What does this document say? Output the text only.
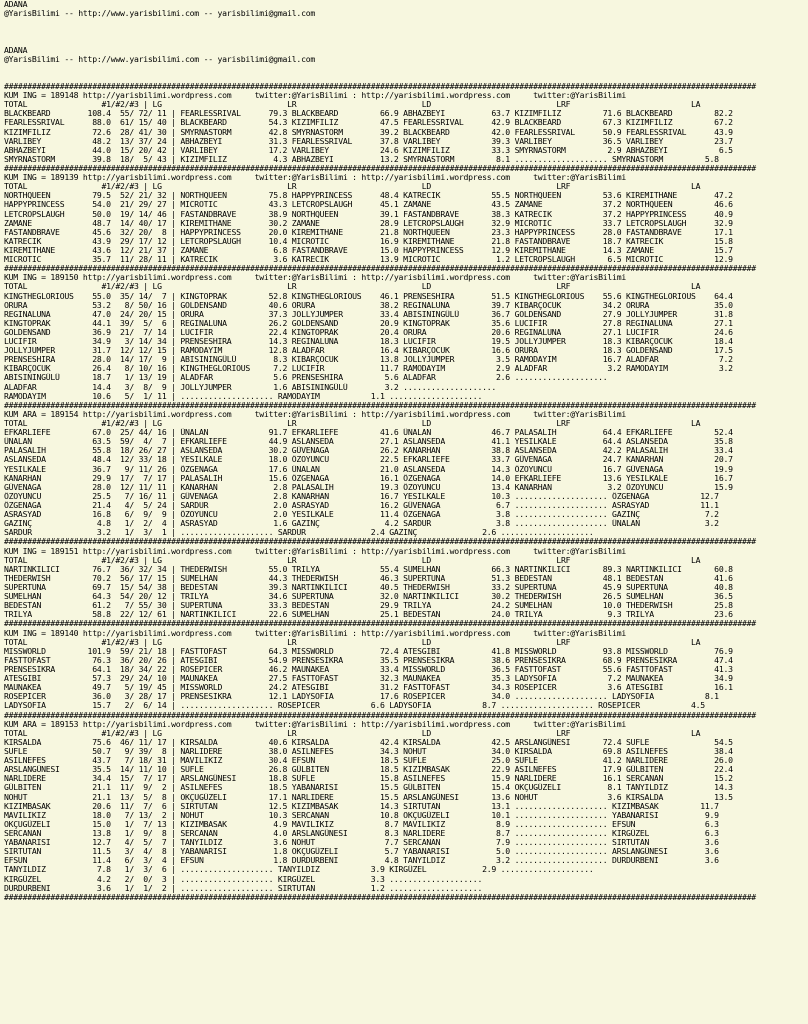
ADANA
@YarisBilimi -- http://www.yarisbilimi.com -- yarisbilimi@gmail.com

ADANA
@YarisBilimi -- http://www.yarisbilimi.com -- yarisbilimi@gmail.com

##################################################################################################################################################################
KUM ING = 189148 http://yarisbilimi.wordpress.com     twitter:@YarisBilimi : http://yarisbilimi.wordpress.com     twitter:@YarisBilimi
TOTAL                #1/#2/#3 | LG                           LR                           LD                           LRF                          LA
BLACKBEARD        108.4  55/ 72/ 11 | FEARLESSRIVAL      79.3 BLACKBEARD         66.9 ABHAZBEYI          63.7 KIZIMFILIZ         71.6 BLACKBEARD         82.2
FEARLESSRIVAL      88.0  61/ 15/ 40 | BLACKBEARD         54.3 KIZIMFILIZ         47.5 FEARLESSRIVAL      42.9 BLACKBEARD         67.3 KIZIMFILIZ         67.2
KIZIMFILIZ         72.6  28/ 41/ 30 | SMYRNASTORM        42.8 SMYRNASTORM        39.2 BLACKBEARD         42.0 FEARLESSRIVAL      50.9 FEARLESSRIVAL      43.9
VARLIBEY           48.2  13/ 37/ 24 | ABHAZBEYI          31.3 FEARLESSRIVAL      37.8 VARLIBEY           39.3 VARLIBEY           36.5 VARLIBEY           23.7
ABHAZBEYI          44.0  15/ 20/ 42 | VARLIBEY           17.2 VARLIBEY           24.6 KIZIMFILIZ         33.3 SMYRNASTORM         2.9 ABHAZBEYI           6.5
SMYRNASTORM        39.8  18/  5/ 43 | KIZIMFILIZ          4.3 ABHAZBEYI          13.2 SMYRNASTORM         8.1 .................... SMYRNASTORM         5.8
##################################################################################################################################################################
KUM ING = 189139 http://yarisbilimi.wordpress.com     twitter:@YarisBilimi : http://yarisbilimi.wordpress.com     twitter:@YarisBilimi
TOTAL                #1/#2/#3 | LG                           LR                           LD                           LRF                          LA
NORTHQUEEN         79.5  52/ 21/ 32 | NORTHQUEEN         75.8 HAPPYPRINCESS      48.4 KATRECIK           55.5 NORTHQUEEN         53.6 KIREMITHANE        47.2
HAPPYPRINCESS      54.0  21/ 29/ 27 | MICROTIC           43.3 LETCROPSLAUGH      45.1 ZAMANE             43.5 ZAMANE             37.2 NORTHQUEEN         46.6
LETCROPSLAUGH      50.0  19/ 14/ 46 | FASTANDBRAVE       38.9 NORTHQUEEN         39.1 FASTANDBRAVE       38.3 KATRECIK           37.2 HAPPYPRINCESS      40.9
ZAMANE             48.7  14/ 40/ 17 | KIREMITHANE        30.2 ZAMANE             28.9 LETCROPSLAUGH      32.9 MICROTIC           33.7 LETCROPSLAUGH      32.9
FASTANDBRAVE       45.6  32/ 20/  8 | HAPPYPRINCESS      20.0 KIREMITHANE        21.8 NORTHQUEEN         23.3 HAPPYPRINCESS      28.0 FASTANDBRAVE       17.1
KATRECIK           43.9  29/ 17/ 12 | LETCROPSLAUGH      10.4 MICROTIC           16.9 KIREMITHANE        21.8 FASTANDBRAVE       18.7 KATRECIK           15.8
KIREMITHANE        43.6  12/ 21/ 37 | ZAMANE              6.8 FASTANDBRAVE       15.0 HAPPYPRINCESS      12.9 KIREMITHANE        14.3 ZAMANE             15.7
MICROTIC           35.7  11/ 28/ 11 | KATRECIK            3.6 KATRECIK           13.9 MICROTIC            1.2 LETCROPSLAUGH       6.5 MICROTIC           12.9
##################################################################################################################################################################
KUM ING = 189150 http://yarisbilimi.wordpress.com     twitter:@YarisBilimi : http://yarisbilimi.wordpress.com     twitter:@YarisBilimi
TOTAL                #1/#2/#3 | LG                           LR                           LD                           LRF                          LA
KINGTHEGLORIOUS    55.0  35/ 14/  7 | KINGTOPRAK         52.8 KINGTHEGLORIOUS    46.1 PRENSESHIRA        51.5 KINGTHEGLORIOUS    55.6 KINGTHEGLORIOUS    64.4
ORURA              53.2   8/ 50/ 16 | GOLDENSAND         40.6 ORURA              38.2 REGINALUNA         39.7 KIBARÇOCUK         34.2 ORURA              35.0
REGINALUNA         47.0  24/ 20/ 15 | ORURA              37.3 JOLLYJUMPER        33.4 ABISININGÜLÜ       36.7 GOLDENSAND         27.9 JOLLYJUMPER        31.8
KINGTOPRAK         44.1  39/  5/  6 | REGINALUNA         26.2 GOLDENSAND         20.9 KINGTOPRAK         35.6 LUCIFIR            27.8 REGINALUNA         27.1
GOLDENSAND         36.9  21/  7/ 14 | LUCIFIR            22.4 KINGTOPRAK         20.4 ORURA              20.6 REGINALUNA         27.1 LUCIFIR            24.6
LUCIFIR            34.9   3/ 14/ 34 | PRENSESHIRA        14.3 REGINALUNA         18.3 LUCIFIR            19.5 JOLLYJUMPER        18.3 KIBARÇOCUK         18.4
JOLLYJUMPER        31.7  12/ 12/ 15 | RAMODAYIM          12.8 ALADFAR            16.4 KIBARÇOCUK         16.6 ORURA              18.3 GOLDENSAND         17.5
PRENSESHIRA        28.0  14/ 17/  9 | ABISININGÜLÜ        8.3 KIBARÇOCUK         13.8 JOLLYJUMPER         3.5 RAMODAYIM          16.7 ALADFAR             7.2
KIBARÇOCUK         26.4   8/ 10/ 16 | KINGTHEGLORIOUS     7.2 LUCIFIR            11.7 RAMODAYIM           2.9 ALADFAR             3.2 RAMODAYIM           3.2
ABISININGÜLÜ       18.7   1/ 13/ 19 | ALADFAR             5.6 PRENSESHIRA         5.6 ALADFAR             2.6 ....................
ALADFAR            14.4   3/  8/  9 | JOLLYJUMPER         1.6 ABISININGÜLÜ        3.2 ....................
RAMODAYIM          10.6   5/  1/ 11 | .................... RAMODAYIM           1.1 ....................
##################################################################################################################################################################
KUM ARA = 189154 http://yarisbilimi.wordpress.com     twitter:@YarisBilimi : http://yarisbilimi.wordpress.com     twitter:@YarisBilimi
TOTAL                #1/#2/#3 | LG                           LR                           LD                           LRF                          LA
EFKARLIEFE         67.0  25/ 44/ 16 | ÜNALAN             91.7 EFKARLIEFE         41.6 ÜNALAN             46.7 PALASALIH          64.4 EFKARLIEFE         52.4
ÜNALAN             63.5  59/  4/  7 | EFKARLIEFE         44.9 ASLANSEDA          27.1 ASLANSEDA          41.1 YESILKALE          64.4 ASLANSEDA          35.8
PALASALIH          55.8  18/ 26/ 27 | ASLANSEDA          30.2 GÜVENAGA           26.2 KANARHAN           38.8 ASLANSEDA          42.2 PALASALIH          33.4
ASLANSEDA          48.4  12/ 33/ 18 | YESILKALE          18.0 ÖZOYUNCU           22.5 EFKARLIEFE         33.7 GÜVENAGA           24.7 KANARHAN           20.7
YESILKALE          36.7   9/ 11/ 26 | ÖZGENAGA           17.6 ÜNALAN             21.0 ASLANSEDA          14.3 ÖZOYUNCU           16.7 GÜVENAGA           19.9
KANARHAN           29.9  17/  7/ 17 | PALASALIH          15.6 ÖZGENAGA           16.1 ÖZGENAGA           14.0 EFKARLIEFE         13.6 YESILKALE          16.7
GÜVENAGA           28.0  12/ 11/ 11 | KANARHAN            2.8 PALASALIH          19.3 ÖZOYUNCU           13.4 KANARHAN            3.2 ÖZOYUNCU           15.9
ÖZOYUNCU           25.5   7/ 16/ 11 | GÜVENAGA            2.8 KANARHAN           16.7 YESILKALE          10.3 .................... ÖZGENAGA           12.7
ÖZGENAGA           21.4   4/  5/ 24 | SARDUR              2.0 ASRASYAD           16.2 GÜVENAGA            6.7 .................... ASRASYAD           11.1
ASRASYAD           16.8   6/  9/  9 | ÖZOYUNCU            2.0 YESILKALE          11.4 ÖZGENAGA            3.8 .................... GAZINÇ              7.2
GAZINÇ              4.8   1/  2/  4 | ASRASYAD            1.6 GAZINÇ              4.2 SARDUR              3.8 .................... ÜNALAN              3.2
SARDUR              3.2   1/  3/  1 | .................... SARDUR              2.4 GAZINÇ              2.6 ....................
##################################################################################################################################################################
KUM ING = 189151 http://yarisbilimi.wordpress.com     twitter:@YarisBilimi : http://yarisbilimi.wordpress.com     twitter:@YarisBilimi
TOTAL                #1/#2/#3 | LG                           LR                           LD                           LRF                          LA
NARTINKILICI       76.7  36/ 32/ 34 | THEDERWISH         55.0 TRILYA             55.4 SUMELHAN           66.3 NARTINKILICI       89.3 NARTINKILICI       60.8
THEDERWISH         70.2  56/ 17/ 15 | SUMELHAN           44.3 THEDERWISH         46.3 SUPERTUNA          51.3 BEDESTAN           48.1 BEDESTAN           41.6
SUPERTUNA          69.7  15/ 54/ 38 | BEDESTAN           39.3 NARTINKILICI       40.5 THEDERWISH         33.2 SUPERTUNA          45.9 SUPERTUNA          40.8
SUMELHAN           64.3  54/ 20/ 12 | TRILYA             34.6 SUPERTUNA          32.0 NARTINKILICI       30.2 THEDERWISH         26.5 SUMELHAN           36.5
BEDESTAN           61.2   7/ 55/ 30 | SUPERTUNA          33.3 BEDESTAN           29.9 TRILYA             24.2 SUMELHAN           10.0 THEDERWISH         25.8
TRILYA             58.8  22/ 12/ 61 | NARTINKILICI       22.6 SUMELHAN           25.1 BEDESTAN           24.0 TRILYA              9.3 TRILYA             23.6
##################################################################################################################################################################
KUM ING = 189140 http://yarisbilimi.wordpress.com     twitter:@YarisBilimi : http://yarisbilimi.wordpress.com     twitter:@YarisBilimi
TOTAL                #1/#2/#3 | LG                           LR                           LD                           LRF                          LA
MISSWORLD         101.9  59/ 21/ 18 | FASTTOFAST         64.3 MISSWORLD          72.4 ATESGIBI           41.8 MISSWORLD          93.8 MISSWORLD          76.9
FASTTOFAST         76.3  36/ 20/ 26 | ATESGIBI           54.9 PRENSESIKRA        35.5 PRENSESIKRA        38.6 PRENSESIKRA        68.9 PRENSESIKRA        47.4
PRENSESIKRA        64.1  18/ 34/ 22 | ROSEPICER          46.2 MAUNAKEA           33.4 MISSWORLD          36.5 FASTTOFAST         55.6 FASTTOFAST         41.3
ATESGIBI           57.3  29/ 24/ 10 | MAUNAKEA           27.5 FASTTOFAST         32.3 MAUNAKEA           35.3 LADYSOFIA           7.2 MAUNAKEA           34.9
MAUNAKEA           49.7   5/ 19/ 45 | MISSWORLD          24.2 ATESGIBI           31.2 FASTTOFAST         34.3 ROSEPICER           3.6 ATESGIBI           16.1
ROSEPICER          36.0   3/ 28/ 17 | PRENSESIKRA        12.1 LADYSOFIA          17.6 ROSEPICER          34.0 .................... LADYSOFIA           8.1
LADYSOFIA          15.7   2/  6/ 14 | .................... ROSEPICER           6.6 LADYSOFIA           8.7 .................... ROSEPICER           4.5
##################################################################################################################################################################
KUM ARA = 189153 http://yarisbilimi.wordpress.com     twitter:@YarisBilimi : http://yarisbilimi.wordpress.com     twitter:@YarisBilimi
TOTAL                #1/#2/#3 | LG                           LR                           LD                           LRF                          LA
KIRSALDA           75.6  46/ 11/ 17 | KIRSALDA           40.6 KIRSALDA           42.4 KIRSALDA           42.5 ARSLANGÜNESI       72.4 SUFLE              54.5
SUFLE              50.7   9/ 39/  8 | NARLIDERE          38.0 ASILNEFES          34.3 NOHUT              34.0 KIRSALDA           69.8 ASILNEFES          38.4
ASILNEFES          43.7   7/ 18/ 31 | MAVILIKIZ          30.4 EFSUN              18.5 SUFLE              25.0 SUFLE              41.2 NARLIDERE          26.0
ARSLANGÜNESI       35.5  14/ 11/ 10 | SUFLE              26.8 GÜLBITEN           18.5 KIZIMBASAK         22.9 ASILNEFES          17.9 GÜLBITEN           22.4
NARLIDERE          34.4  15/  7/ 17 | ARSLANGÜNESI       18.8 SUFLE              15.8 ASILNEFES          15.9 NARLIDERE          16.1 SERCANAN           15.2
GÜLBITEN           21.1  11/  9/  2 | ASILNEFES          18.5 YABANARISI         15.5 GÜLBITEN           15.4 OKÇUGÜZELI          8.1 TANYILDIZ          14.3
NOHUT              21.1  13/  5/  8 | OKÇUGÜZELI         17.1 NARLIDERE          15.5 ARSLANGÜNESI       13.6 NOHUT               3.6 KIRSALDA           13.5
KIZIMBASAK         20.6  11/  7/  6 | SIRTUTAN           12.5 KIZIMBASAK         14.3 SIRTUTAN           13.1 .................... KIZIMBASAK         11.7
MAVILIKIZ          18.0   7/ 13/  2 | NOHUT              10.3 SERCANAN           10.8 OKÇUGÜZELI         10.1 .................... YABANARISI          9.9
OKÇUGÜZELI         15.0   1/  7/ 13 | KIZIMBASAK          4.9 MAVILIKIZ           8.7 MAVILIKIZ           8.9 .................... EFSUN               6.3
SERCANAN           13.8   1/  9/  8 | SERCANAN            4.0 ARSLANGÜNESI        8.3 NARLIDERE           8.7 .................... KIRGÜZEL            6.3
YABANARISI         12.7   4/  5/  7 | TANYILDIZ           3.6 NOHUT               7.7 SERCANAN            7.9 .................... SIRTUTAN            3.6
SIRTUTAN           11.5   3/  4/  8 | YABANARISI          1.8 OKÇUGÜZELI          5.7 YABANARISI          5.0 .................... ARSLANGÜNESI        3.6
EFSUN              11.4   6/  3/  4 | EFSUN               1.8 DURDURBENI          4.8 TANYILDIZ           3.2 .................... DURDURBENI          3.6
TANYILDIZ           7.8   1/  3/  6 | .................... TANYILDIZ           3.9 KIRGÜZEL            2.9 ....................
KIRGÜZEL            4.2   2/  0/  3 | .................... KIRGÜZEL            3.3 ....................
DURDURBENI          3.6   1/  1/  2 | .................... SIRTUTAN            1.2 ....................
##################################################################################################################################################################
